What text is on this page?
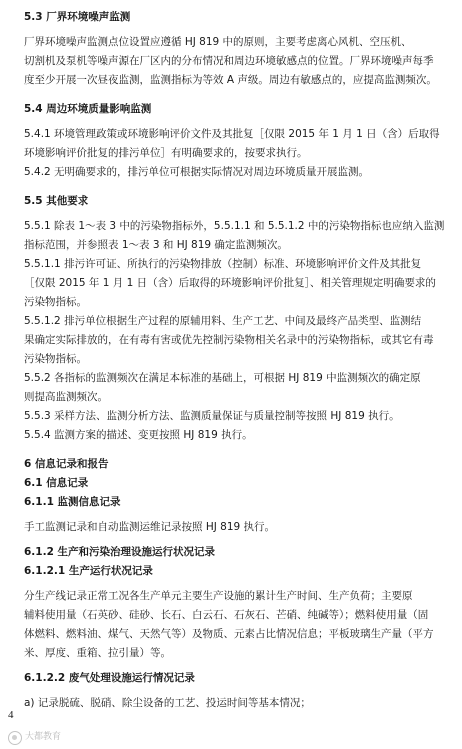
5.3 厂界环境噪声监测
厂界环境噪声监测点位设置应遵循 HJ 819 中的原则，主要考虑离心风机、空压机、
切割机及泵机等噪声源在厂区内的分布情况和周边环境敏感点的位置。厂界环境噪声每季
度至少开展一次昼夜监测，监测指标为等效 A 声级。周边有敏感点的，应提高监测频次。
5.4 周边环境质量影响监测
5.4.1 环境管理政策或环境影响评价文件及其批复［仅限 2015 年 1 月 1 日（含）后取得
环境影响评价批复的排污单位］有明确要求的，按要求执行。
5.4.2 无明确要求的，排污单位可根据实际情况对周边环境质量开展监测。
5.5 其他要求
5.5.1 除表 1～表 3 中的污染物指标外，5.5.1.1 和 5.5.1.2 中的污染物指标也应纳入监测
指标范围，并参照表 1～表 3 和 HJ 819 确定监测频次。
5.5.1.1 排污许可证、所执行的污染物排放（控制）标准、环境影响评价文件及其批复
［仅限 2015 年 1 月 1 日（含）后取得的环境影响评价批复］、相关管理规定明确要求的
污染物指标。
5.5.1.2 排污单位根据生产过程的原辅用料、生产工艺、中间及最终产品类型、监测结
果确定实际排放的，在有毒有害或优先控制污染物相关名录中的污染物指标，或其它有毒
污染物指标。
5.5.2 各指标的监测频次在满足本标准的基础上，可根据 HJ 819 中监测频次的确定原
则提高监测频次。
5.5.3 采样方法、监测分析方法、监测质量保证与质量控制等按照 HJ 819 执行。
5.5.4 监测方案的描述、变更按照 HJ 819 执行。
6 信息记录和报告
6.1 信息记录
6.1.1 监测信息记录
手工监测记录和自动监测运维记录按照 HJ 819 执行。
6.1.2 生产和污染治理设施运行状况记录
6.1.2.1 生产运行状况记录
分生产线记录正常工况各生产单元主要生产设施的累计生产时间、生产负荷；主要原
辅料使用量（石英砂、硅砂、长石、白云石、石灰石、芒硝、纯碱等）；燃料使用量（固
体燃料、燃料油、煤气、天然气等）及物质、元素占比情况信息；平板玻璃生产量（平方
米、厚度、重箱、拉引量）等。
6.1.2.2 废气处理设施运行情况记录
a) 记录脱硫、脱硝、除尘设备的工艺、投运时间等基本情况；
4
大都教育
